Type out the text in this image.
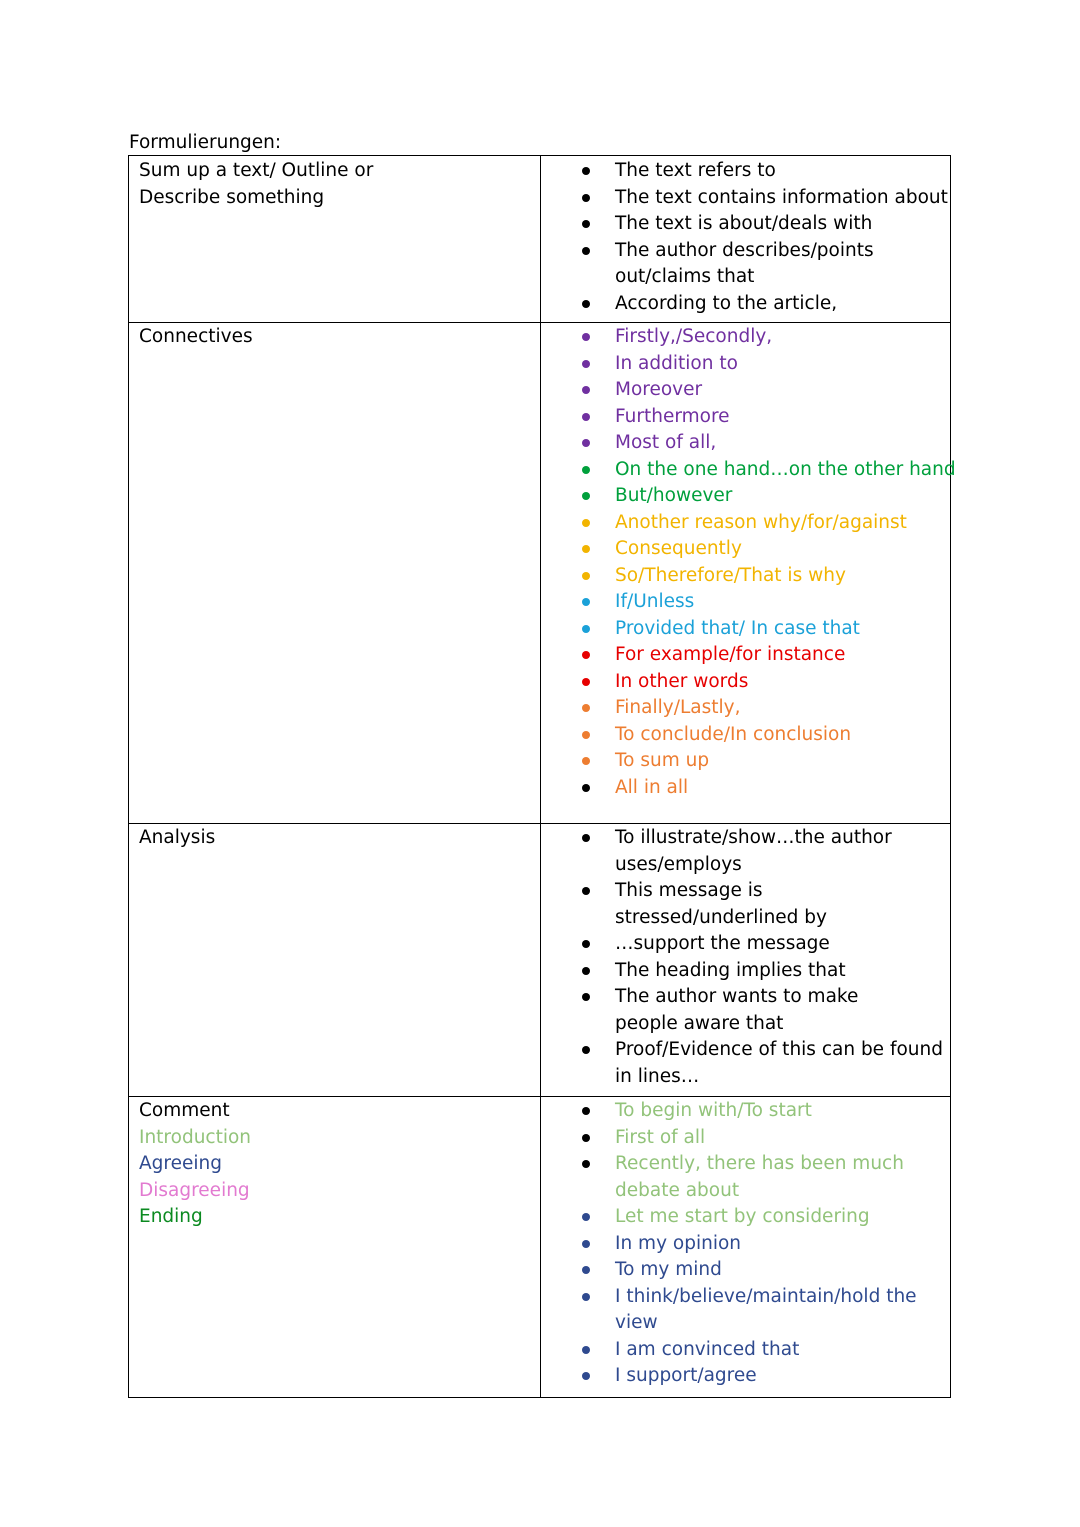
Formulierungen:
Sum up a text/ Outline or Describe something
The text refers to
The text contains information about
The text is about/deals with
The author describes/points out/claims that
According to the article,
Connectives	Firstly,/Secondly,
In addition to
Moreover
Furthermore
Most of all,
On the one hand…on the other hand
But/however
Another reason why/for/against
Consequently
So/Therefore/That is why
If/Unless
Provided that/ In case that
For example/for instance
In other words
Finally/Lastly,
To conclude/In conclusion
To sum up
All in all
Analysis	To illustrate/show…the author uses/employs
This message is stressed/underlined by
…support the message
The heading implies that
The author wants to make people aware that
Proof/Evidence of this can be found in lines…
Comment
Introduction
Agreeing
Disagreeing
Ending
To begin with/To start
First of all
Recently, there has been much debate about
Let me start by considering
In my opinion
To my mind
I think/believe/maintain/hold the view
I am convinced that
I support/agree
